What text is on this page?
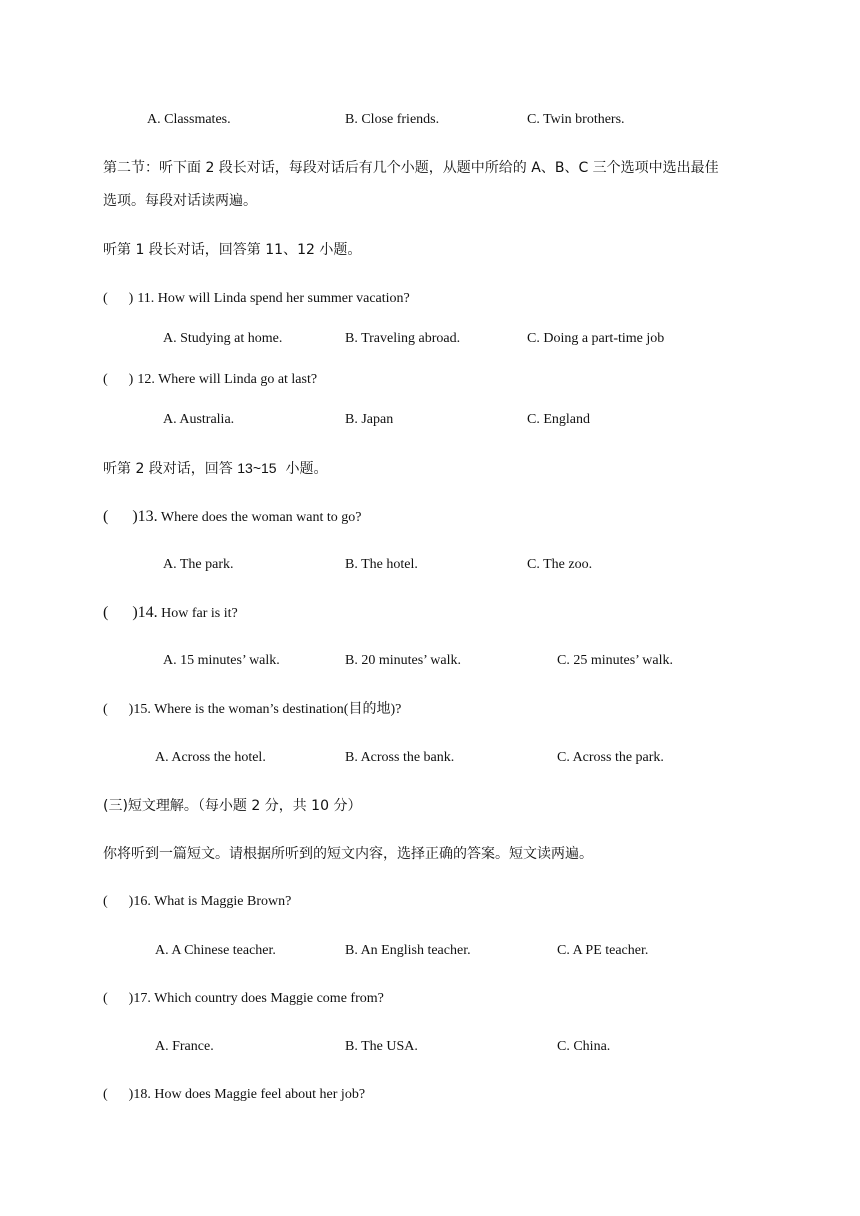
A. Classmates.	B. Close friends.	C. Twin brothers.
第二节：听下面 2 段长对话，每段对话后有几个小题，从题中所给的 A、B、C 三个选项中选出最佳
选项。每段对话读两遍。
听第 1 段长对话，回答第 11、12 小题。
(      ) 11. How will Linda spend her summer vacation?
A. Studying at home.	B. Traveling abroad.	C. Doing a part-time job
(      ) 12. Where will Linda go at last?
A. Australia.	B. Japan	C. England
听第 2 段对话，回答 13~15  小题。
(      )13. Where does the woman want to go?
A. The park.	B. The hotel.	C. The zoo.
(      )14. How far is it?
A. 15 minutes’ walk.	B. 20 minutes’ walk.	C. 25 minutes’ walk.
(      )15. Where is the woman’s destination(目的地)?
A. Across the hotel.	B. Across the bank.	C. Across the park.
(三)短文理解。（每小题 2 分，共 10 分）
你将听到一篇短文。请根据所听到的短文内容，选择正确的答案。短文读两遍。
(      )16. What is Maggie Brown?
A. A Chinese teacher.	B. An English teacher.	C. A PE teacher.
(      )17. Which country does Maggie come from?
A. France.	B. The USA.	C. China.
(      )18. How does Maggie feel about her job?
